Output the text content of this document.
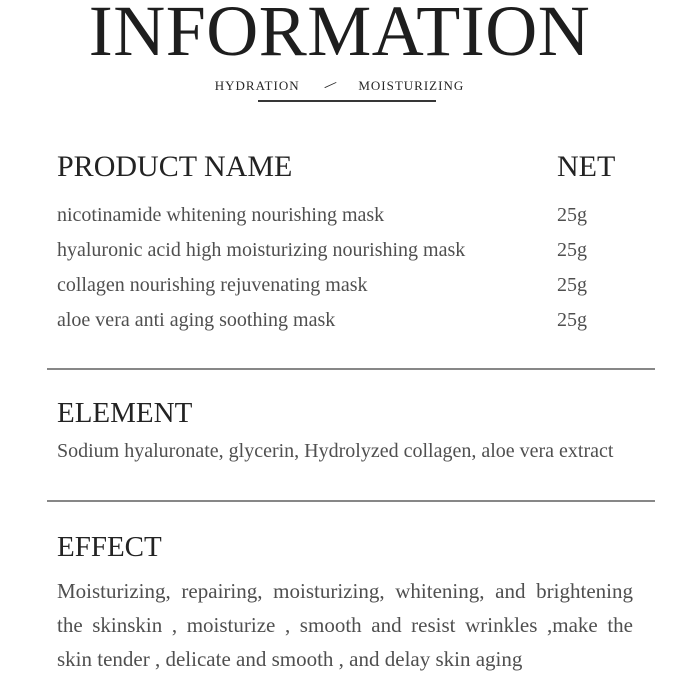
INFORMATION
HYDRATION / MOISTURIZING
PRODUCT NAME	NET
nicotinamide whitening nourishing mask	25g
hyaluronic acid high moisturizing nourishing mask	25g
collagen nourishing rejuvenating mask	25g
aloe vera anti aging soothing mask	25g
ELEMENT
Sodium hyaluronate, glycerin, Hydrolyzed collagen, aloe vera extract
EFFECT
Moisturizing, repairing, moisturizing, whitening, and brightening
the skinskin , moisturize , smooth and resist wrinkles ,make the
skin tender , delicate and smooth , and delay skin aging
